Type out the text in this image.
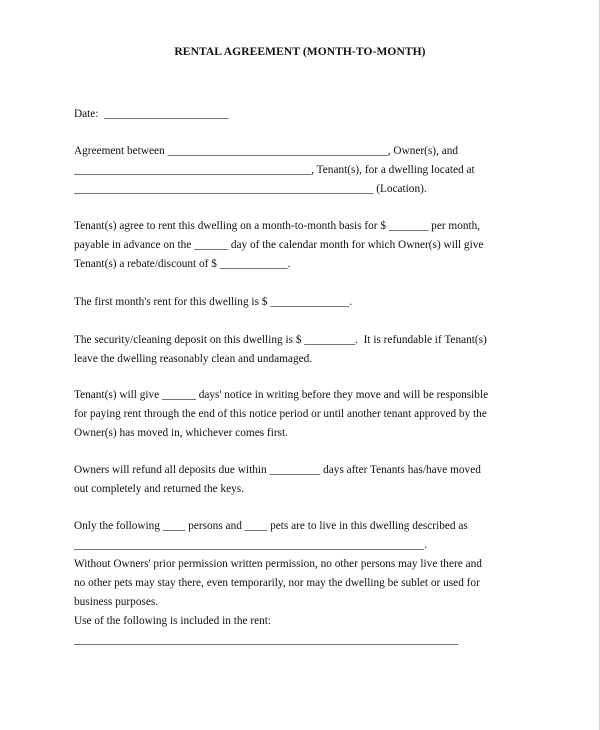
RENTAL AGREEMENT (MONTH-TO-MONTH)
Date:  ______________________
Agreement between _______________________________________, Owner(s), and
__________________________________________, Tenant(s), for a dwelling located at
_____________________________________________________ (Location).
Tenant(s) agree to rent this dwelling on a month-to-month basis for $ _______ per month,
payable in advance on the ______ day of the calendar month for which Owner(s) will give
Tenant(s) a rebate/discount of $ ____________.
The first month's rent for this dwelling is $ ______________.
The security/cleaning deposit on this dwelling is $ _________.  It is refundable if Tenant(s)
leave the dwelling reasonably clean and undamaged.
Tenant(s) will give ______ days' notice in writing before they move and will be responsible
for paying rent through the end of this notice period or until another tenant approved by the
Owner(s) has moved in, whichever comes first.
Owners will refund all deposits due within _________ days after Tenants has/have moved
out completely and returned the keys.
Only the following ____ persons and ____ pets are to live in this dwelling described as
______________________________________________________________.
Without Owners' prior permission written permission, no other persons may live there and
no other pets may stay there, even temporarily, nor may the dwelling be sublet or used for
business purposes.
Use of the following is included in the rent:
____________________________________________________________________
